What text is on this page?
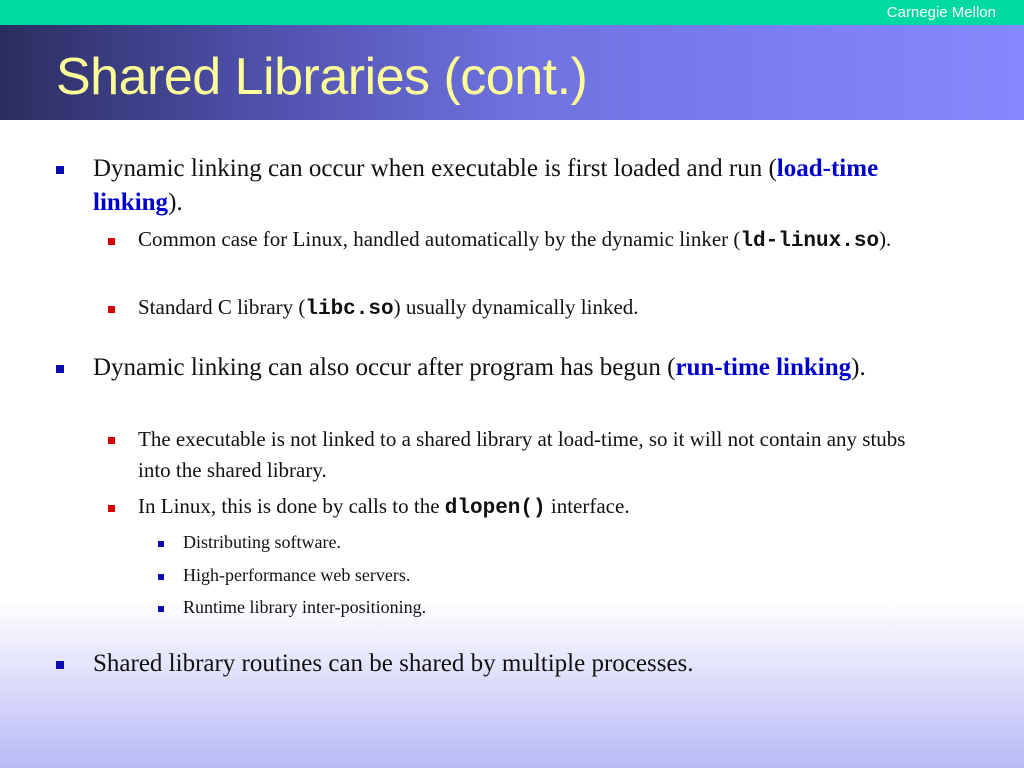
Carnegie Mellon
Shared Libraries (cont.)
Dynamic linking can occur when executable is first loaded and run (load-time linking).
Common case for Linux, handled automatically by the dynamic linker (ld-linux.so).
Standard C library (libc.so) usually dynamically linked.
Dynamic linking can also occur after program has begun (run-time linking).
The executable is not linked to a shared library at load-time, so it will not contain any stubs into the shared library.
In Linux, this is done by calls to the dlopen() interface.
Distributing software.
High-performance web servers.
Runtime library inter-positioning.
Shared library routines can be shared by multiple processes.
